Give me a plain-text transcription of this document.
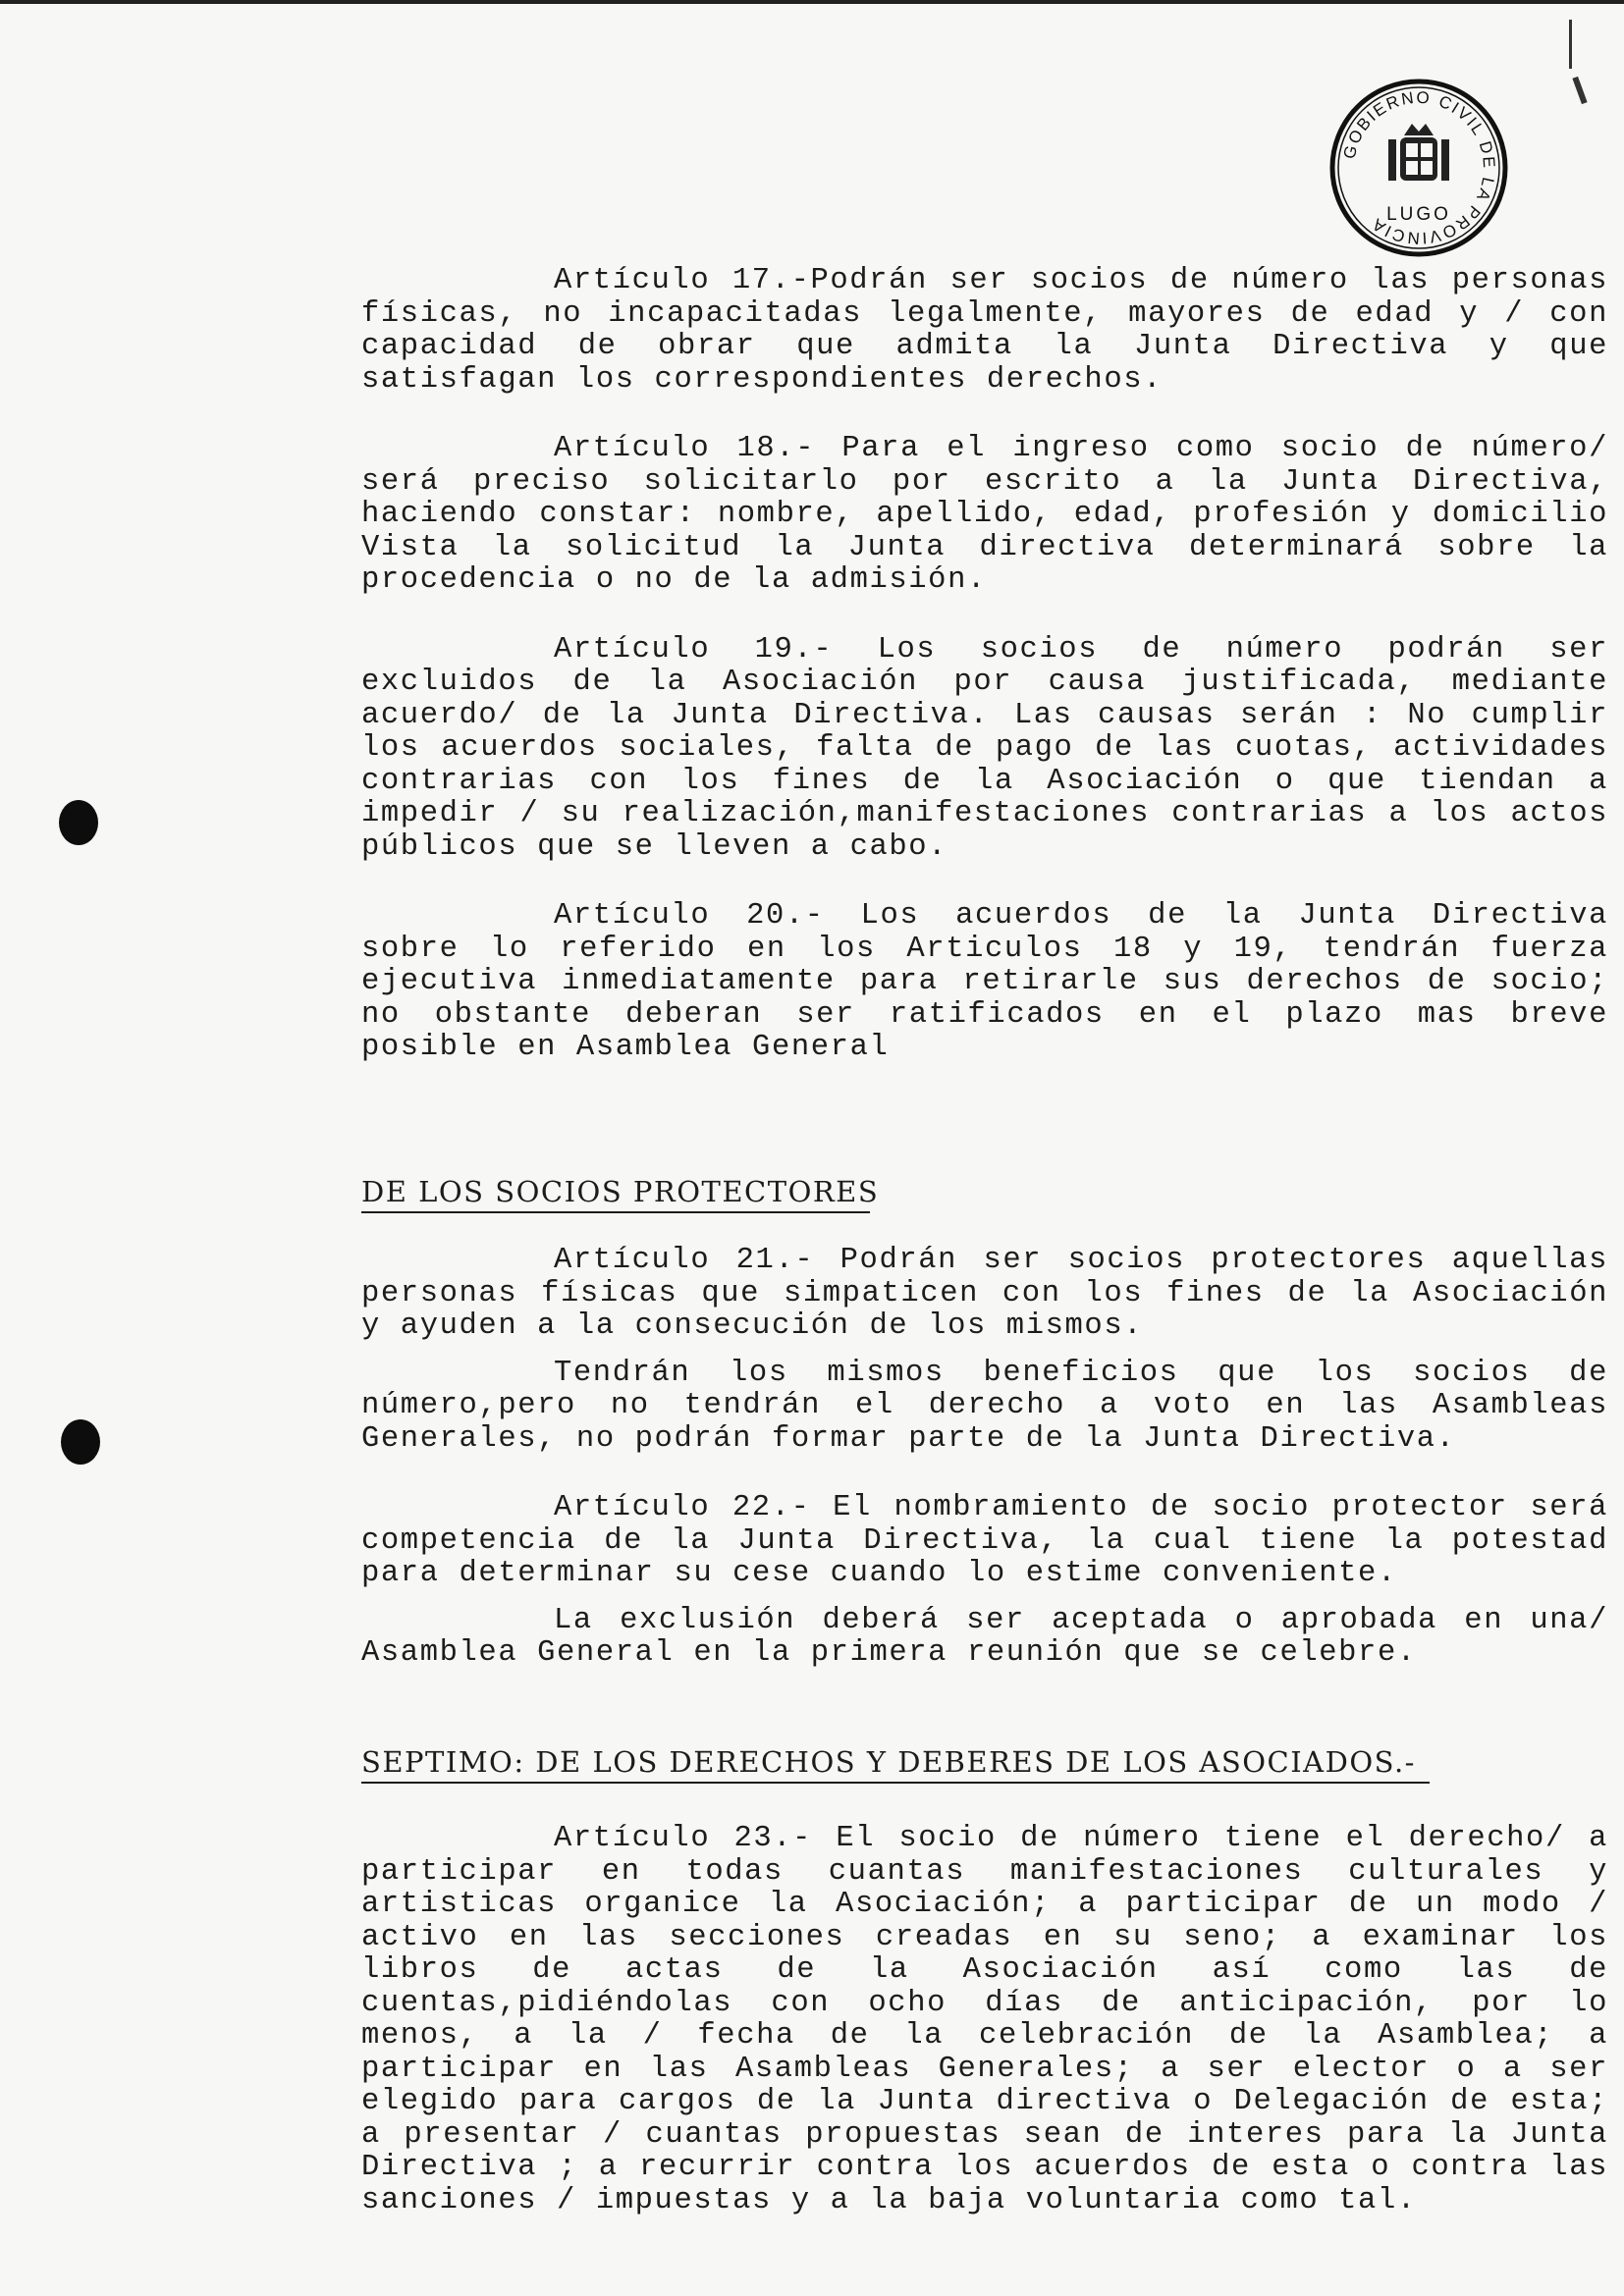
GOBIERNO CIVIL DE LA PROVINCIA
LUGO

Artículo 17.-Podrán ser socios de número las personas físicas, no incapacitadas legalmente, mayores de edad y / con capacidad de obrar que admita la Junta Directiva y que satisfagan los correspondientes derechos.

Artículo 18.- Para el ingreso como socio de número/ será preciso solicitarlo por escrito a la Junta Directiva, haciendo constar: nombre, apellido, edad, profesión y domicilio Vista la solicitud la Junta directiva determinará sobre la procedencia o no de la admisión.

Artículo 19.- Los socios de número podrán ser excluidos de la Asociación por causa justificada, mediante acuerdo/ de la Junta Directiva. Las causas serán : No cumplir los acuerdos sociales, falta de pago de las cuotas, actividades contrarias con los fines de la Asociación o que tiendan a impedir / su realización,manifestaciones contrarias a los actos públicos que se lleven a cabo.

Artículo 20.- Los acuerdos de la Junta Directiva sobre lo referido en los Articulos 18 y 19, tendrán fuerza ejecutiva inmediatamente para retirarle sus derechos de socio; no obstante deberan ser ratificados en el plazo mas breve posible en Asamblea General

DE LOS SOCIOS PROTECTORES

Artículo 21.- Podrán ser socios protectores aquellas personas físicas que simpaticen con los fines de la Asociación y ayuden a la consecución de los mismos.

Tendrán los mismos beneficios que los socios de número,pero no tendrán el derecho a voto en las Asambleas Generales, no podrán formar parte de la Junta Directiva.

Artículo 22.- El nombramiento de socio protector será competencia de la Junta Directiva, la cual tiene la potestad para determinar su cese cuando lo estime conveniente.

La exclusión deberá ser aceptada o aprobada en una/ Asamblea General en la primera reunión que se celebre.

SEPTIMO: DE LOS DERECHOS Y DEBERES DE LOS ASOCIADOS.-

Artículo 23.- El socio de número tiene el derecho/ a participar en todas cuantas manifestaciones culturales y artisticas organice la Asociación; a participar de un modo / activo en las secciones creadas en su seno; a examinar los libros de actas de la Asociación así como las de cuentas,pidiéndolas con ocho días de anticipación, por lo menos, a la / fecha de la celebración de la Asamblea; a participar en las Asambleas Generales; a ser elector o a ser elegido para cargos de la Junta directiva o Delegación de esta; a presentar / cuantas propuestas sean de interes para la Junta Directiva ; a recurrir contra los acuerdos de esta o contra las sanciones / impuestas y a la baja voluntaria como tal.
